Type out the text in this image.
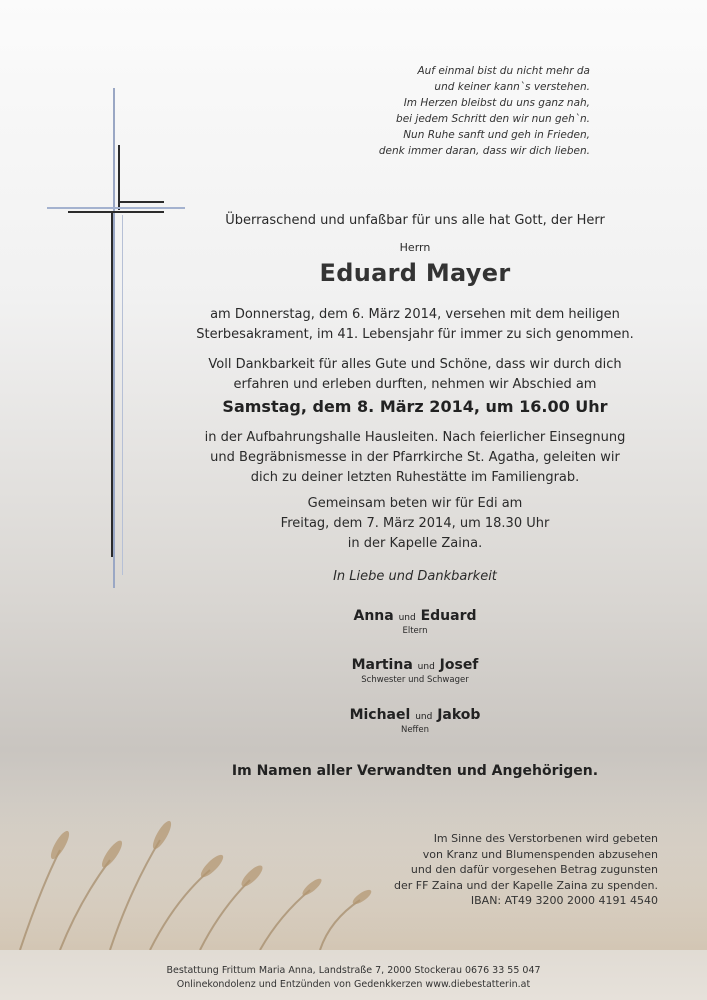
Auf einmal bist du nicht mehr da
und keiner kann`s verstehen.
Im Herzen bleibst du uns ganz nah,
bei jedem Schritt den wir nun geh`n.
Nun Ruhe sanft und geh in Frieden,
denk immer daran, dass wir dich lieben.
Überraschend und unfaßbar für uns alle hat Gott, der Herr
Herrn
Eduard Mayer
am Donnerstag, dem 6. März 2014, versehen mit dem heiligen
Sterbesakrament, im 41. Lebensjahr für immer zu sich genommen.
Voll Dankbarkeit für alles Gute und Schöne, dass wir durch dich
erfahren und erleben durften, nehmen wir Abschied am
Samstag, dem 8. März 2014, um 16.00 Uhr
in der Aufbahrungshalle Hausleiten. Nach feierlicher Einsegnung
und Begräbnismesse in der Pfarrkirche St. Agatha, geleiten wir
dich zu deiner letzten Ruhestätte im Familiengrab.
Gemeinsam beten wir für Edi am
Freitag, dem 7. März 2014, um 18.30 Uhr
in der Kapelle Zaina.
In Liebe und Dankbarkeit
Anna und Eduard
Eltern
Martina und Josef
Schwester und Schwager
Michael und Jakob
Neffen
Im Namen aller Verwandten und Angehörigen.
Im Sinne des Verstorbenen wird gebeten
von Kranz und Blumenspenden abzusehen
und den dafür vorgesehen Betrag zugunsten
der FF Zaina und der Kapelle Zaina zu spenden.
IBAN: AT49 3200 2000 4191 4540
Bestattung Frittum Maria Anna, Landstraße 7, 2000 Stockerau 0676 33 55 047
Onlinekondolenz und Entzünden von Gedenkkerzen www.diebestatterin.at
